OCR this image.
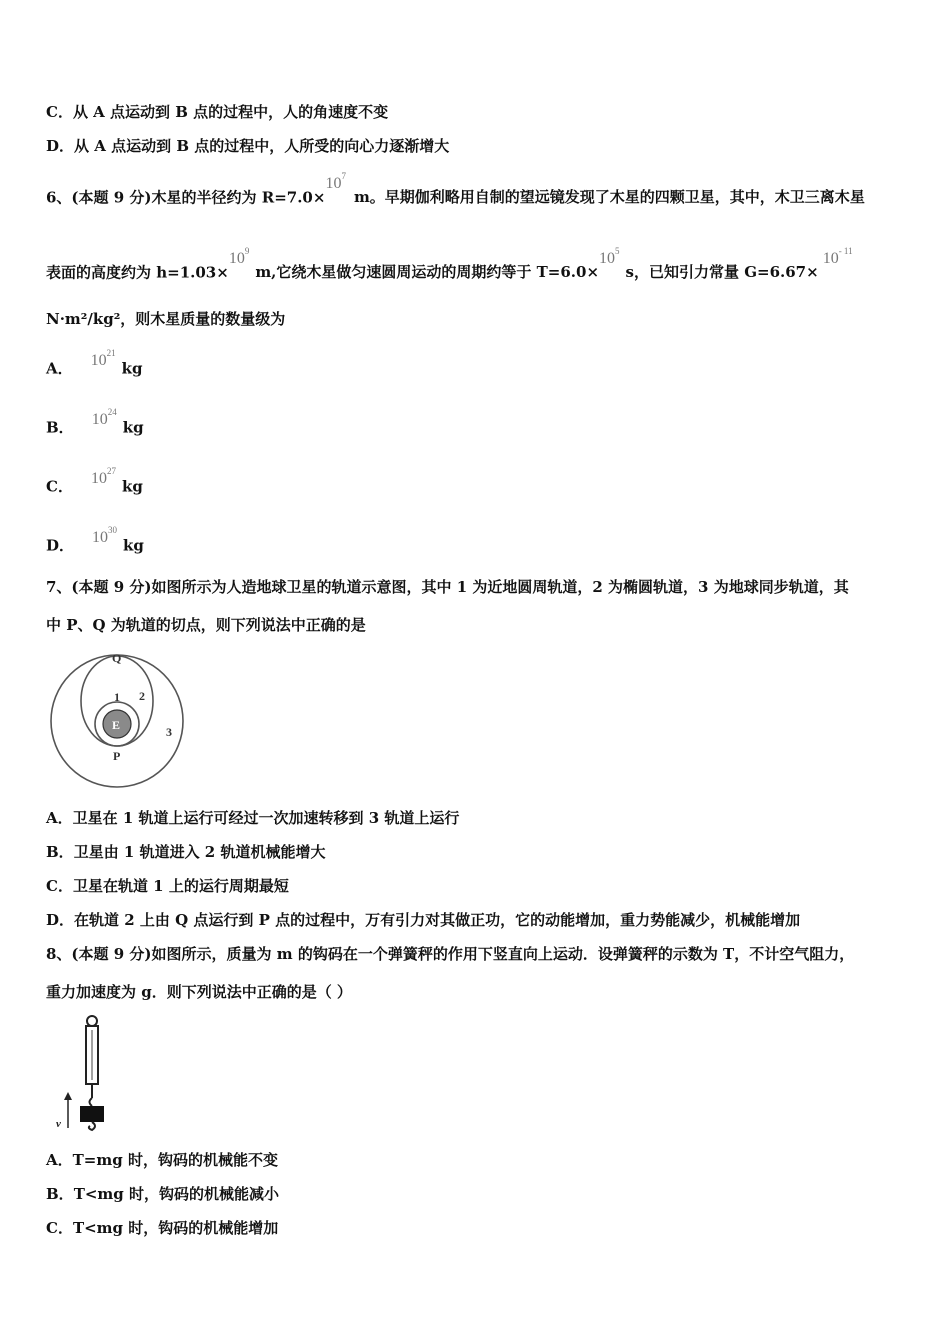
C．从 A 点运动到 B 点的过程中，人的角速度不变
D．从 A 点运动到 B 点的过程中，人所受的向心力逐渐增大
6、(本题 9 分)木星的半径约为 $R=7.0\times 10^7m$。早期伽利略用自制的望远镜发现了木星的四颗卫星，其中，木卫三离木星
表面的高度约为 $h=1.03\times 10^9m$,它绕木星做匀速圆周运动的周期约等于 $T=6.0\times 10^5s$，已知引力常量 $G=6.67\times 10^{- 11}$
N·m²/kg²，则木星质量的数量级为
A． $10^{21}kg$
B． $10^{24}kg$
C． $10^{27}kg$
D． $10^{30}kg$
7、(本题 9 分)如图所示为人造地球卫星的轨道示意图，其中 1 为近地圆周轨道，2 为椭圆轨道，3 为地球同步轨道，其
中 P、Q 为轨道的切点，则下列说法中正确的是
E
Q
P
1 2
3
A．卫星在 1 轨道上运行可经过一次加速转移到 3 轨道上运行
B．卫星由 1 轨道进入 2 轨道机械能增大
C．卫星在轨道 1 上的运行周期最短
D．在轨道 2 上由 Q 点运行到 P 点的过程中，万有引力对其做正功，它的动能增加，重力势能减少，机械能增加
8、(本题 9 分)如图所示，质量为 m 的钩码在一个弹簧秤的作用下竖直向上运动．设弹簧秤的示数为 T，不计空气阻力，
重力加速度为 g．则下列说法中正确的是（ ）
v
A．T=mg 时，钩码的机械能不变
B．T<mg 时，钩码的机械能减小
C．T<mg 时，钩码的机械能增加
